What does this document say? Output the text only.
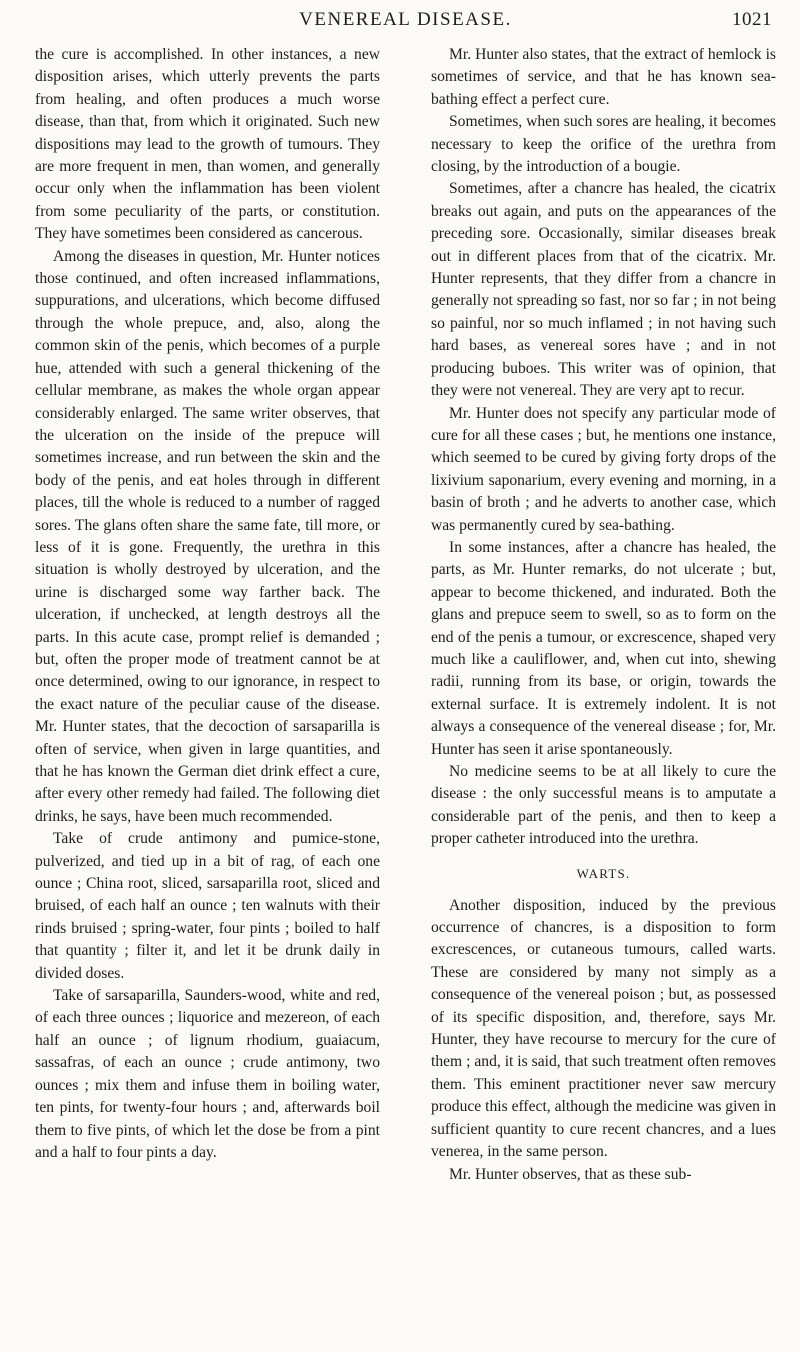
VENEREAL DISEASE.	1021

the cure is accomplished. In other instances, a new disposition arises, which utterly prevents the parts from healing, and often produces a much worse disease, than that, from which it originated. Such new dispositions may lead to the growth of tumours. They are more frequent in men, than women, and generally occur only when the inflammation has been violent from some peculiarity of the parts, or constitution. They have sometimes been considered as cancerous.

Among the diseases in question, Mr. Hunter notices those continued, and often increased inflammations, suppurations, and ulcerations, which become diffused through the whole prepuce, and, also, along the common skin of the penis, which becomes of a purple hue, attended with such a general thickening of the cellular membrane, as makes the whole organ appear considerably enlarged. The same writer observes, that the ulceration on the inside of the prepuce will sometimes increase, and run between the skin and the body of the penis, and eat holes through in different places, till the whole is reduced to a number of ragged sores. The glans often share the same fate, till more, or less of it is gone. Frequently, the urethra in this situation is wholly destroyed by ulceration, and the urine is discharged some way farther back. The ulceration, if unchecked, at length destroys all the parts. In this acute case, prompt relief is demanded ; but, often the proper mode of treatment cannot be at once determined, owing to our ignorance, in respect to the exact nature of the peculiar cause of the disease. Mr. Hunter states, that the decoction of sarsaparilla is often of service, when given in large quantities, and that he has known the German diet drink effect a cure, after every other remedy had failed. The following diet drinks, he says, have been much recommended.

Take of crude antimony and pumice-stone, pulverized, and tied up in a bit of rag, of each one ounce ; China root, sliced, sarsaparilla root, sliced and bruised, of each half an ounce ; ten walnuts with their rinds bruised ; spring-water, four pints ; boiled to half that quantity ; filter it, and let it be drunk daily in divided doses.

Take of sarsaparilla, Saunders-wood, white and red, of each three ounces ; liquorice and mezereon, of each half an ounce ; of lignum rhodium, guaiacum, sassafras, of each an ounce ; crude antimony, two ounces ; mix them and infuse them in boiling water, ten pints, for twenty-four hours ; and, afterwards boil them to five pints, of which let the dose be from a pint and a half to four pints a day.

Mr. Hunter also states, that the extract of hemlock is sometimes of service, and that he has known sea-bathing effect a perfect cure.

Sometimes, when such sores are healing, it becomes necessary to keep the orifice of the urethra from closing, by the introduction of a bougie.

Sometimes, after a chancre has healed, the cicatrix breaks out again, and puts on the appearances of the preceding sore. Occasionally, similar diseases break out in different places from that of the cicatrix. Mr. Hunter represents, that they differ from a chancre in generally not spreading so fast, nor so far ; in not being so painful, nor so much inflamed ; in not having such hard bases, as venereal sores have ; and in not producing buboes. This writer was of opinion, that they were not venereal. They are very apt to recur.

Mr. Hunter does not specify any particular mode of cure for all these cases ; but, he mentions one instance, which seemed to be cured by giving forty drops of the lixivium saponarium, every evening and morning, in a basin of broth ; and he adverts to another case, which was permanently cured by sea-bathing.

In some instances, after a chancre has healed, the parts, as Mr. Hunter remarks, do not ulcerate ; but, appear to become thickened, and indurated. Both the glans and prepuce seem to swell, so as to form on the end of the penis a tumour, or excrescence, shaped very much like a cauliflower, and, when cut into, shewing radii, running from its base, or origin, towards the external surface. It is extremely indolent. It is not always a consequence of the venereal disease ; for, Mr. Hunter has seen it arise spontaneously.

No medicine seems to be at all likely to cure the disease : the only successful means is to amputate a considerable part of the penis, and then to keep a proper catheter introduced into the urethra.

WARTS.

Another disposition, induced by the previous occurrence of chancres, is a disposition to form excrescences, or cutaneous tumours, called warts. These are considered by many not simply as a consequence of the venereal poison ; but, as possessed of its specific disposition, and, therefore, says Mr. Hunter, they have recourse to mercury for the cure of them ; and, it is said, that such treatment often removes them. This eminent practitioner never saw mercury produce this effect, although the medicine was given in sufficient quantity to cure recent chancres, and a lues venerea, in the same person.

Mr. Hunter observes, that as these sub-
